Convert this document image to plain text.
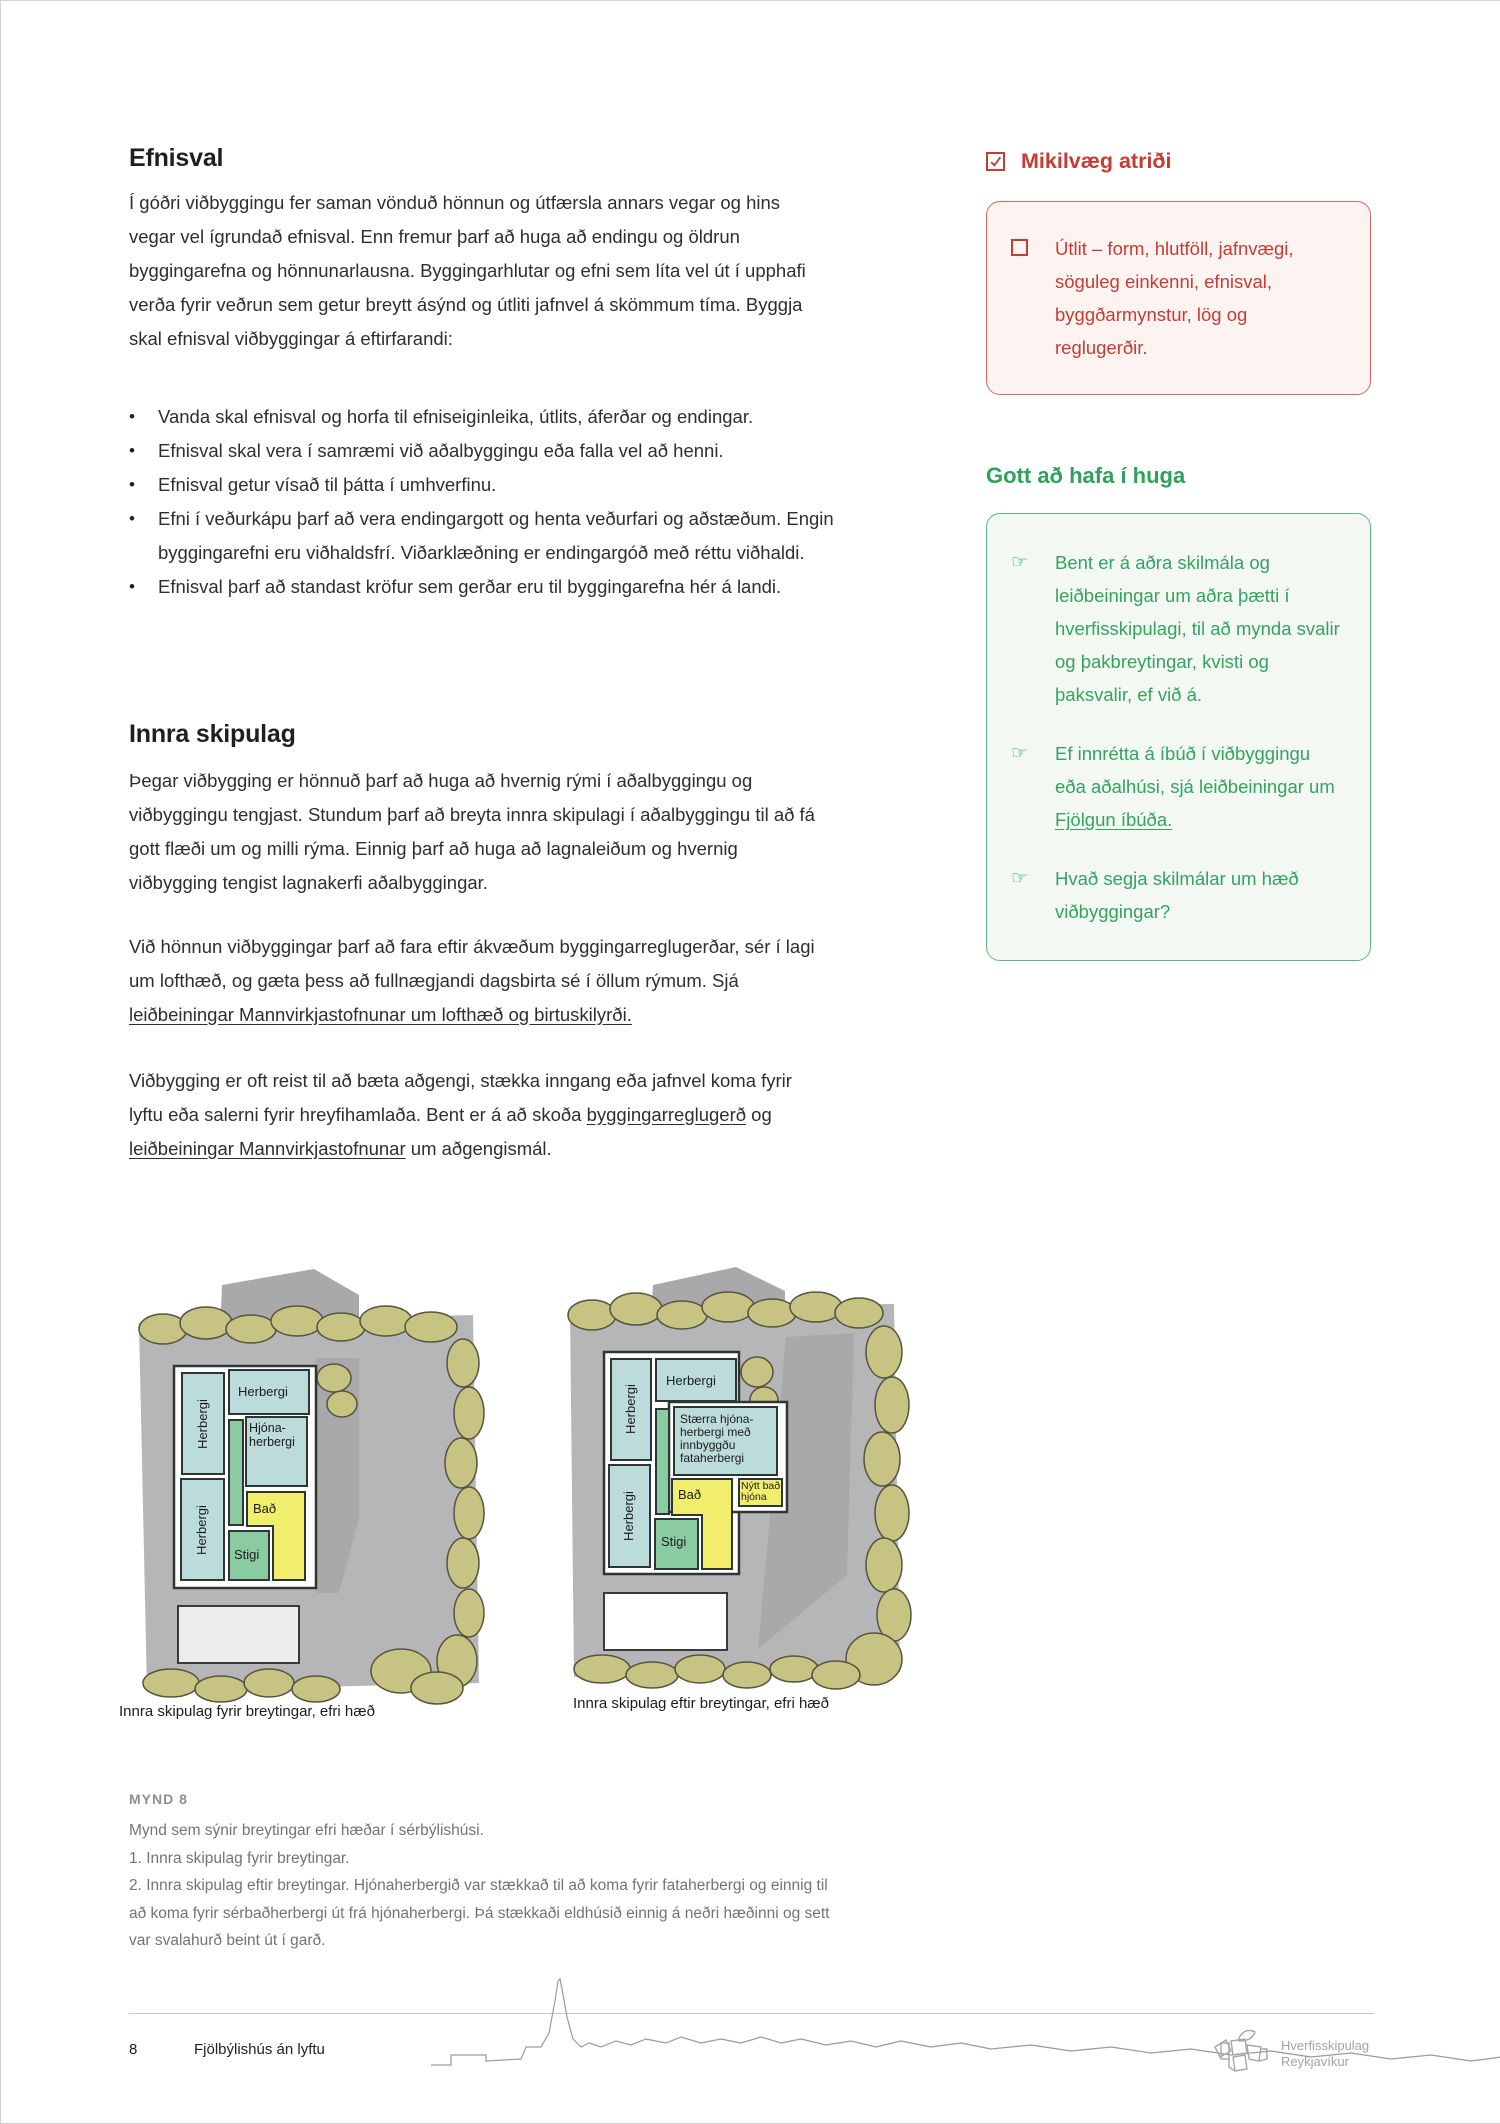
Efnisval

Í góðri viðbyggingu fer saman vönduð hönnun og útfærsla annars vegar og hins vegar vel ígrundað efnisval. Enn fremur þarf að huga að endingu og öldrun byggingarefna og hönnunarlausna. Byggingarhlutar og efni sem líta vel út í upphafi verða fyrir veðrun sem getur breytt ásýnd og útliti jafnvel á skömmum tíma. Byggja skal efnisval viðbyggingar á eftirfarandi:

•	Vanda skal efnisval og horfa til efniseiginleika, útlits, áferðar og endingar.
•	Efnisval skal vera í samræmi við aðalbyggingu eða falla vel að henni.
•	Efnisval getur vísað til þátta í umhverfinu.
•	Efni í veðurkápu þarf að vera endingargott og henta veðurfari og aðstæðum. Engin byggingarefni eru viðhaldsfrí. Viðarklæðning er endingargóð með réttu viðhaldi.
•	Efnisval þarf að standast kröfur sem gerðar eru til byggingarefna hér á landi.
Innra skipulag

Þegar viðbygging er hönnuð þarf að huga að hvernig rými í aðalbyggingu og viðbyggingu tengjast. Stundum þarf að breyta innra skipulagi í aðalbyggingu til að fá gott flæði um og milli rýma. Einnig þarf að huga að lagnaleiðum og hvernig viðbygging tengist lagnakerfi aðalbyggingar.

Við hönnun viðbyggingar þarf að fara eftir ákvæðum byggingarreglugerðar, sér í lagi um lofthæð, og gæta þess að fullnægjandi dagsbirta sé í öllum rýmum. Sjá leiðbeiningar Mannvirkjastofnunar um lofthæð og birtuskilyrði.

Viðbygging er oft reist til að bæta aðgengi, stækka inngang eða jafnvel koma fyrir lyftu eða salerni fyrir hreyfihamlaða. Bent er á að skoða byggingarreglugerð og leiðbeiningar Mannvirkjastofnunar um aðgengismál.

Mikilvæg atriði
Útlit – form, hlutföll, jafnvægi, söguleg einkenni, efnisval, byggðarmynstur, lög og reglugerðir.
Gott að hafa í huga
☞	Bent er á aðra skilmála og leiðbeiningar um aðra þætti í hverfisskipulagi, til að mynda svalir og þakbreytingar, kvisti og þaksvalir, ef við á.
☞	Ef innrétta á íbúð í viðbyggingu eða aðalhúsi, sjá leiðbeiningar um Fjölgun íbúða.
☞	Hvað segja skilmálar um hæð viðbyggingar?
Herbergi
Herbergi
Herbergi
Bað
Stigi
Hjóna- herbergi
Innra skipulag fyrir breytingar, efri hæð
Herbergi
Herbergi
Herbergi
Bað
Stigi
Stærra hjóna- herbergi með innbyggðu fataherbergi
Nýtt bað hjóna
Innra skipulag eftir breytingar, efri hæð
MYND 8
Mynd sem sýnir breytingar efri hæðar í sérbýlishúsi.
1. Innra skipulag fyrir breytingar.
2. Innra skipulag eftir breytingar. Hjónaherbergið var stækkað til að koma fyrir fataherbergi og einnig til að koma fyrir sérbaðherbergi út frá hjónaherbergi. Þá stækkaði eldhúsið einnig á neðri hæðinni og sett var svalahurð beint út í garð.
8	Fjölbýlishús án lyftu	Hverfisskipulag
Reykjavíkur
